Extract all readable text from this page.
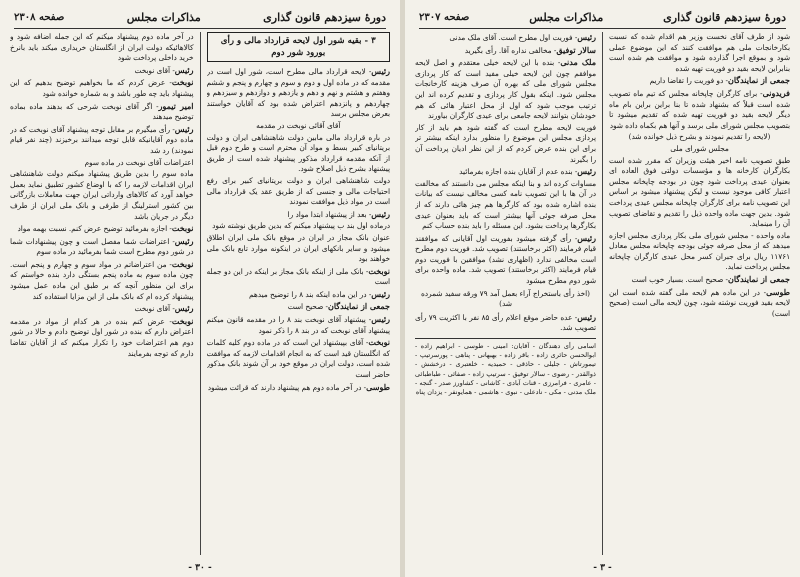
دورهٔ سیزدهم قانون گذاری
مذاکرات مجلس
صفحه ۲۳۰۷

شود از طرف آقای نخست وزیر هم اقدام شده که نسبت بکارخانجات ملی هم موافقت کنند که این موضوع عملی شود و بموقع اجرا گذارده شود و موافقت هم شده است بنابراین لایحه بقید دو فوریت تهیه شده

جمعی از نمایندگان- دو فوریت را تقاضا داریم

فریدونی- برای کارگران چاپخانه مجلس که تیم ماه تصویب شده است قبلاً که بشنهاد شده تا بنا براین براین بام ماه دیگر لایحه بقید دو فوریت تهیه شده که تقدیم میشود تا بتصویب مجلس شورای ملی برسد و آنها هم بکماه داده شود

(لایحه را تقدیم نمودند و بشرح ذیل خوانده شد)

مجلس شورای ملی

طبق تصویب نامه اخیر هیئت وزیران که مقرر شده است بکارگران کارخانه ها و مؤسسات دولتی فوق العاده ای بعنوان عیدی پرداخت شود چون در بودجه چاپخانه مجلس اعتبار کافی موجود نیست و لیکن پیشنهاد میشود بر اساس این تصویب نامه برای کارگران چاپخانه مجلس عیدی پرداخت شود. بدین جهت ماده واحده ذیل را تقدیم و تقاضای تصویب آن را مینماید.

ماده واحده - مجلس شورای ملی بکار پردازی مجلس اجازه میدهد که از محل صرفه جوئی بودجه چاپخانه مجلس معادل ۱۱۷۶۱ ریال برای جبران کسر محل عیدی کارگران چاپخانه مجلس پرداخت نماید.

جمعی از نمایندگان- صحیح است. بسیار خوب است

طوسی- در این ماده هم لایحه ملی گفته شده است این لایحه بقید فوریت نوشته شود، چون لایحه مالی است (صحیح است)

رئیس- فوریت اول مطرح است. آقای ملک مدنی

سالار توفیق- مخالفی نداره آقا. رأی بگیرید

ملک مدنی- بنده با این لایحه خیلی معتقدم و اصل لایحه موافقم چون این لایحه خیلی مفید است که کار پردازی مجلس شورای ملی که بهره آن صرف هزینه کارخانجات مجلس شود. اینکه بقول کار پردازی و تقدیم کرده اند این ترتیب موجب شود که اول از محل اعتبار هائی که هم خودشان بتوانند لایحه جامعی برای عیدی کارگران بیاورند

فوریت لایحه مطرح است که گفته شود هم باید از کار پردازی مجلس این موضوع را منظور بدارد اینکه بیشتر تر برای این بنده عرض کردم که از این نظر ادیان پرداخت آن را بگیرند

رئیس- بنده عدم از آقایان بنده اجازه بفرمائید

مساوات کرده اند و بنا اینکه مجلس می دانستند که مخالفت در آن ها با این تصویب نامه کسی مخالف نیست که بیانات بنده اشاره شده بود که کارگرها هم چیز هائی دارند که از محل صرفه جوئی آنها بیشتر است که باید بعنوان عیدی بکارگرها پرداخت بشود. این مسئله را باید بنده حساب کنم

رئیس- رأی گرفته میشود بفوریت اول آقایانی که موافقند قیام فرمایند (اکثر برخاستند) تصویب شد. فوریت دوم مطرح است مخالفی ندارد (اظهاری نشد) موافقین با فوریت دوم قیام فرمایند (اکثر برخاستند) تصویب شد. ماده واحده برای شور دوم مطرح میشود

(اخذ رأی باستخراج آراء بعمل آمد ۷۹ ورقه سفید شمرده شد)

رئیس- عده حاضر موقع اعلام رأی ۸۵ نفر با اکثریت ۷۹ رأی تصویب شد.

اسامی رأی دهندگان - آقایان: امینی - طوسی - ابراهیم زاده - ابوالحسن حائری زاده - باقر زاده - بهبهانی - پناهی - پورسرتیپ - تیمورتاش - جلیلی - حاذقی - حمیدیه - خلعتبری - درخشش - ذوالقدر - رضوی - سالار توفیق - سرتیپ زاده - صفائی - طباطبائی - عامری - فرامرزی - قنات آبادی - کاشانی - کشاورز صدر - گنجه - ملک مدنی - مکی - نادعلی - نبوی - هاشمی - همایونفر - یزدان پناه
- ۳ -
دورهٔ سیزدهم قانون گذاری
مذاکرات مجلس
صفحه ۲۳۰۸
۳ - بقیه شور اول لایحه قرارداد مالی و رأی بورود شور دوم

رئیس- لایحه قرارداد مالی مطرح است، شور اول است در مقدمه که در ماده اول و دوم و سوم و چهارم و پنجم و ششم وهفتم و هشتم و نهم و دهم و یازدهم و دوازدهم و سیزدهم و چهاردهم و پانزدهم اعتراض شده بود که آقایان خواستند بعرض مجلس برسد

آقای آقائی نوبخت در مقدمه

در باره قرارداد مالی مابین دولت شاهنشاهی ایران و دولت بریتانیای کبیر بسط و مواد آن محترم است و طرح دوم قبل از آنکه مقدمه قرارداد مذکور پیشنهاد شده است از طریق پیشنهاد بشرح ذیل اصلاح شود.

دولت شاهنشاهی ایران و دولت بریتانیای کبیر برای رفع احتیاجات مالی و جنسی که از طریق عقد یک قرارداد مالی است در مواد ذیل موافقت نمودند

رئیس- بعد از پیشنهاد ابتدا مواد را

درماده اول بند ب پیشنهاد میکنم که بدین طریق نوشته شود

عنوان بانک مجاز در ایران در موقع بانک ملی ایران اطلاق میشود و سایر بانکهای ایران در اینکونه موارد تابع بانک ملی خواهند بود

نوبخت- بانک ملی از اینکه بانک مجاز بر اینکه در این دو جمله است

رئیس- در این ماده اینکه بند ۸ را توضیح میدهم

جمعی از نمایندگان- صحیح است

رئیس- پیشنهاد آقای نوبخت بند ۸ را در مقدمه قانون میکنم پیشنهاد آقای نوبخت که در بند ۸ را ذکر نمود

نوبخت- آقای بپیشنهاد این است که در ماده دوم کلیه کلمات که انگلستان قید است که به انجام اقدامات لازمه که موافقت شده است، دولت ایران در موقع خود بر آن شوند بانک مذکور حاضر است

طوسی- در آخر ماده دوم هم پیشنهاد دارند که قرائت میشود

در آخر ماده دوم پیشنهاد میکنم که این جمله اضافه شود و کالاهائیکه دولت ایران از انگلستان خریداری میکند باید بانرخ خرید داخلی پرداخت شود

رئیس- آقای نوبخت

نوبخت- عرض کردم که ما بخواهیم توضیح بدهیم که این پیشنهاد باید چه طور باشد و به شماره خوانده شود

امیر تیمور- اگر آقای نوبخت شرحی که بدهند ماده بماده توضیح میدهند

رئیس- رأی میگیرم بر مقابل توجه پیشنهاد آقای نوبخت که در ماده دوم آقایانیکه قابل توجه میدانند برخیزند (چند نفر قیام نمودند) رد شد

اعتراضات آقای نوبخت در ماده سوم

ماده سوم را بدین طریق پیشنهاد میکنم دولت شاهنشاهی ایران اقدامات لازمه را که با اوضاع کشور تطبیق نماید بعمل خواهد آورد که کالاهای وارداتی ایران جهت معاملات بازرگانی بین کشور استرلینگ از طرفی و بانک ملی ایران از طرف دیگر در جریان باشد

نوبخت- اجازه بفرمائید توضیح عرض کنم. نسبت بهمه مواد

رئیس- اعتراضات شما مفصل است و چون پیشنهادات شما در شور دوم مطرح است شما بفرمائید در ماده سوم

نوبخت- من اعتراضاتم در مواد سوم و چهارم و پنجم است. چون ماده سوم به ماده پنجم بستگی دارد بنده خواستم که برای این منظور آنچه که بر طبق این ماده عمل میشود پیشنهاد کرده ام که بانک ملی از این مزایا استفاده کند

رئیس- آقای نوبخت

نوبخت- عرض کنم بنده در هر کدام از مواد در مقدمه اعتراض دارم که بنده در شور اول توضیح دادم و حالا در شور دوم هم اعتراضات خود را تکرار میکنم که از آقایان تقاضا دارم که توجه بفرمایند

- ۳۰ -
